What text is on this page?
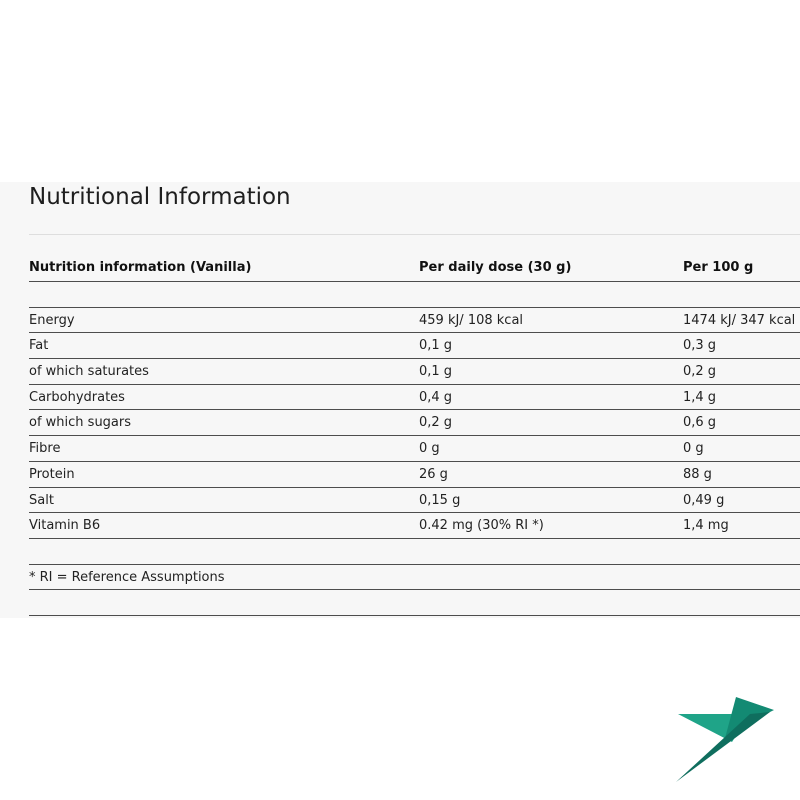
Nutritional Information
Nutrition information (Vanilla)	Per daily dose (30 g)	Per 100 g
Energy	459 kJ/ 108 kcal	1474 kJ/ 347 kcal
Fat	0,1 g	0,3 g
of which saturates	0,1 g	0,2 g
Carbohydrates	0,4 g	1,4 g
of which sugars	0,2 g	0,6 g
Fibre	0 g	0 g
Protein	26 g	88 g
Salt	0,15 g	0,49 g
Vitamin B6	0.42 mg (30% RI *)	1,4 mg
* RI = Reference Assumptions
